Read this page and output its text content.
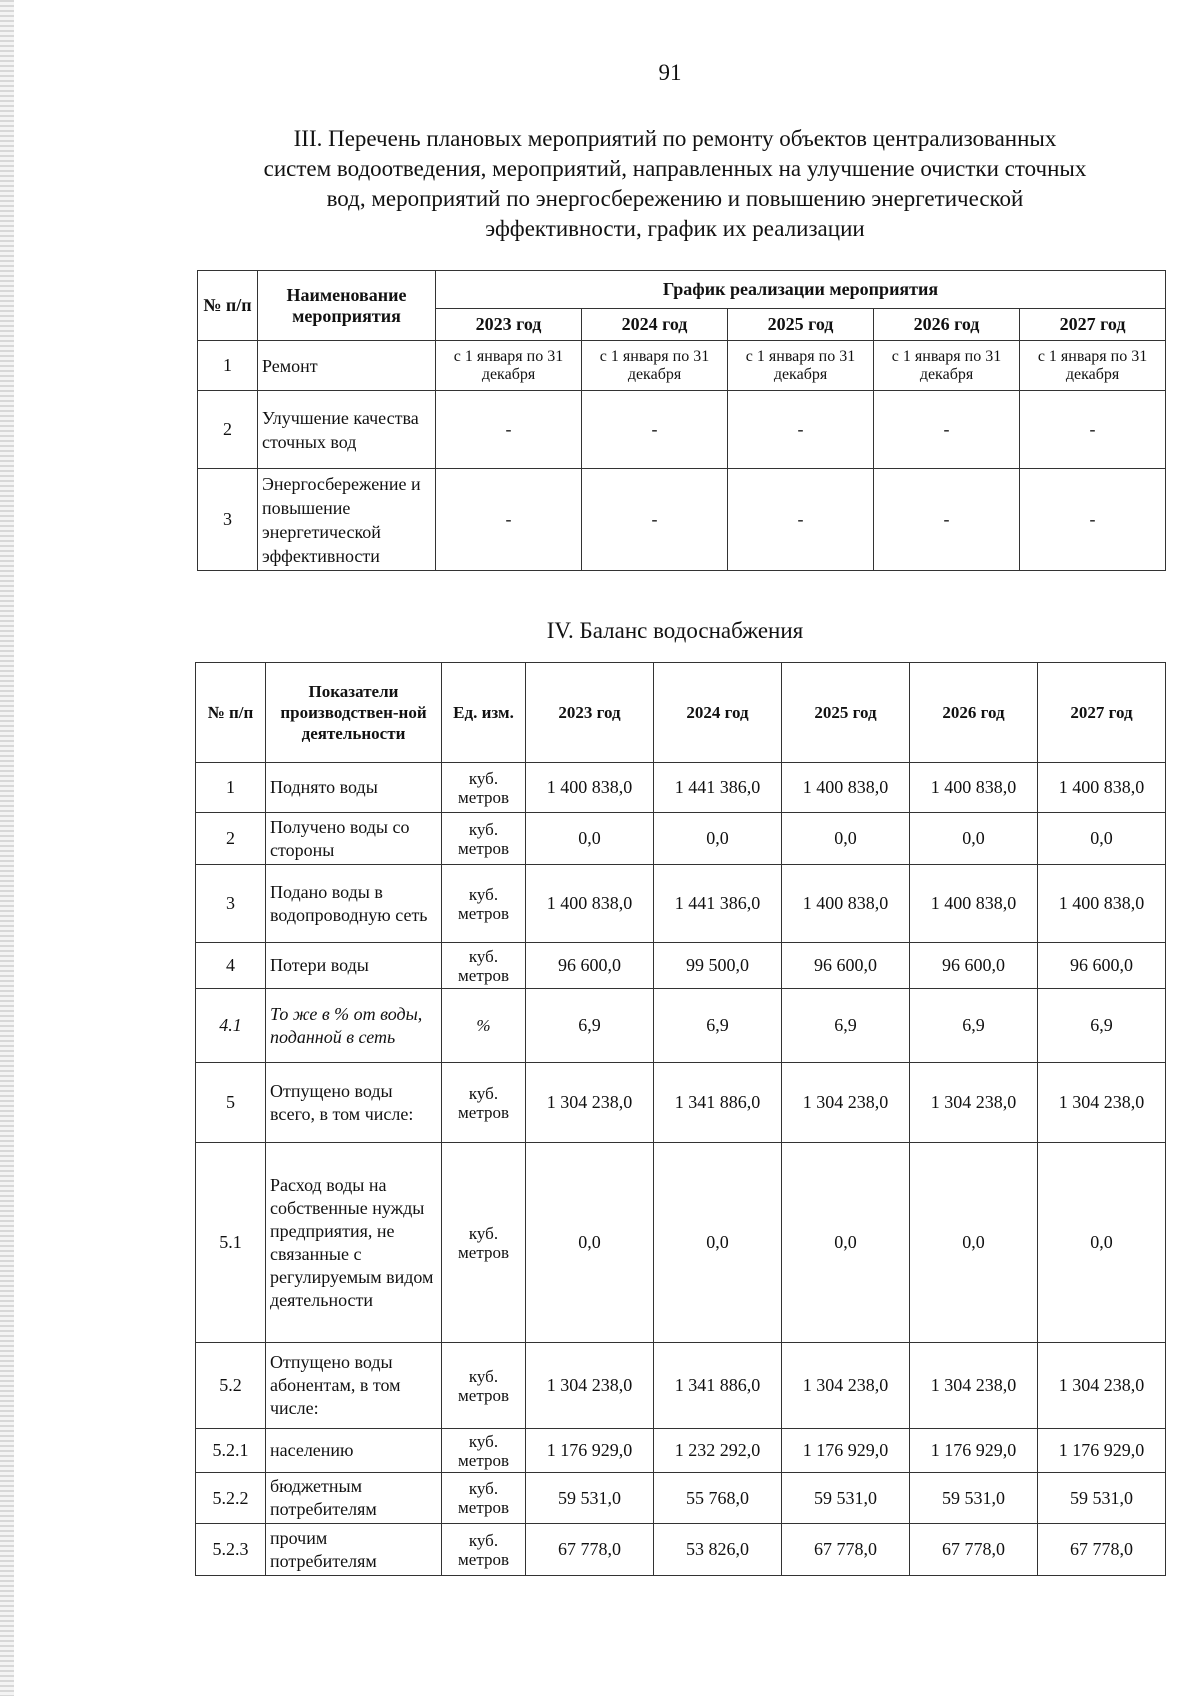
91
III. Перечень плановых мероприятий по ремонту объектов централизованных
систем водоотведения, мероприятий, направленных на улучшение очистки сточных
вод, мероприятий по энергосбережению и повышению энергетической
эффективности, график их реализации
№ п/п	Наименование мероприятия	График реализации мероприятия				
		2023 год	2024 год	2025 год	2026 год	2027 год
1	Ремонт	с 1 января по 31 декабря	с 1 января по 31 декабря	с 1 января по 31 декабря	с 1 января по 31 декабря	с 1 января по 31 декабря
2	Улучшение качества сточных вод	-	-	-	-	-
3	Энергосбережение и повышение энергетической эффективности	-	-	-	-	-
IV. Баланс водоснабжения
№ п/п	Показатели производствен-ной деятельности	Ед. изм.	2023 год	2024 год	2025 год	2026 год	2027 год
1	Поднято воды	куб. метров	1 400 838,0	1 441 386,0	1 400 838,0	1 400 838,0	1 400 838,0
2	Получено воды со стороны	куб. метров	0,0	0,0	0,0	0,0	0,0
3	Подано воды в водопроводную сеть	куб. метров	1 400 838,0	1 441 386,0	1 400 838,0	1 400 838,0	1 400 838,0
4	Потери воды	куб. метров	96 600,0	99 500,0	96 600,0	96 600,0	96 600,0
4.1	То же в % от воды, поданной в сеть	%	6,9	6,9	6,9	6,9	6,9
5	Отпущено воды всего, в том числе:	куб. метров	1 304 238,0	1 341 886,0	1 304 238,0	1 304 238,0	1 304 238,0
5.1	Расход воды на собственные нужды предприятия, не связанные с регулируемым видом деятельности	куб. метров	0,0	0,0	0,0	0,0	0,0
5.2	Отпущено воды абонентам, в том числе:	куб. метров	1 304 238,0	1 341 886,0	1 304 238,0	1 304 238,0	1 304 238,0
5.2.1	населению	куб. метров	1 176 929,0	1 232 292,0	1 176 929,0	1 176 929,0	1 176 929,0
5.2.2	бюджетным потребителям	куб. метров	59 531,0	55 768,0	59 531,0	59 531,0	59 531,0
5.2.3	прочим потребителям	куб. метров	67 778,0	53 826,0	67 778,0	67 778,0	67 778,0
